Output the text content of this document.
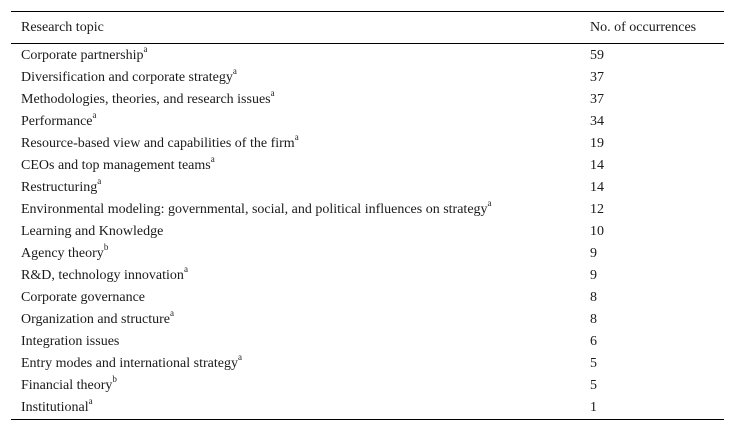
Research topic	No. of occurrences
Corporate partnership$^a$	59
Diversification and corporate strategy$^a$	37
Methodologies, theories, and research issues$^a$	37
Performance$^a$	34
Resource-based view and capabilities of the firm$^a$	19
CEOs and top management teams$^a$	14
Restructuring$^a$	14
Environmental modeling: governmental, social, and political influences on strategy$^a$	12
Learning and Knowledge	10
Agency theory$^b$	9
R&D, technology innovation$^a$	9
Corporate governance	8
Organization and structure$^a$	8
Integration issues	6
Entry modes and international strategy$^a$	5
Financial theory$^b$	5
Institutional$^a$	1
